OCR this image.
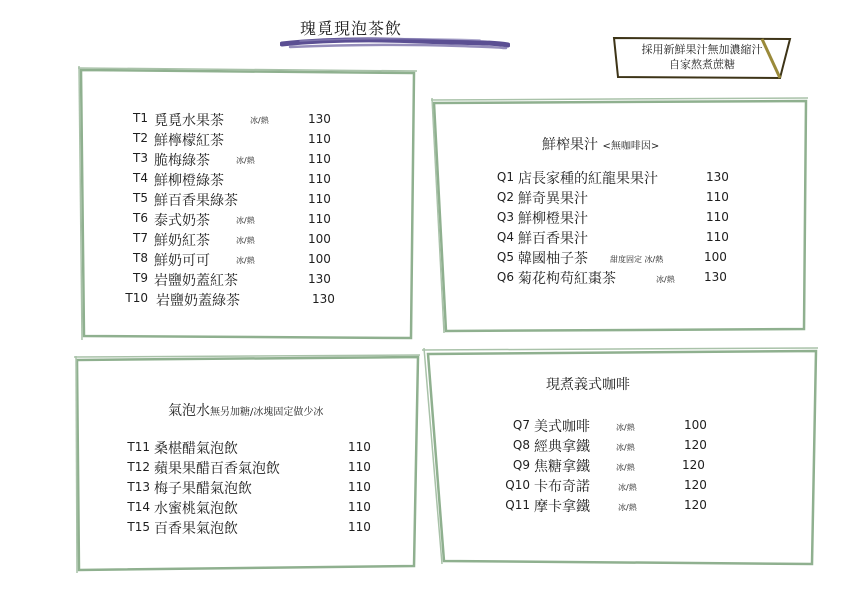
瑰覓現泡茶飲
採用新鮮果汁無加濃縮汁
自家熬煮蔗糖
T1 覓覓水果茶	冰/熱	130
T2 鮮檸檬紅茶	110
T3 脆梅綠茶	冰/熱	110
T4 鮮柳橙綠茶	110
T5 鮮百香果綠茶	110
T6 泰式奶茶	冰/熱	110
T7 鮮奶紅茶	冰/熱	100
T8 鮮奶可可	冰/熱	100
T9 岩鹽奶蓋紅茶	130
T10 岩鹽奶蓋綠茶	130
鮮榨果汁 <無咖啡因>
Q1 店長家種的紅龍果果汁	130
Q2 鮮奇異果汁	110
Q3 鮮柳橙果汁	110
Q4 鮮百香果汁	110
Q5 韓國柚子茶	甜度固定 冰/熱	100
Q6 菊花枸苟紅棗茶	冰/熱 130
氣泡水無另加糖/冰塊固定做少冰
T11 桑椹醋氣泡飲	110
T12 蘋果果醋百香氣泡飲	110
T13 梅子果醋氣泡飲	110
T14 水蜜桃氣泡飲	110
T15 百香果氣泡飲	110
現煮義式咖啡
Q7 美式咖啡	冰/熱	100
Q8 經典拿鐵	冰/熱	120
Q9 焦糖拿鐵	冰/熱	120
Q10 卡布奇諾	冰/熱	120
Q11 摩卡拿鐵	冰/熱	120
